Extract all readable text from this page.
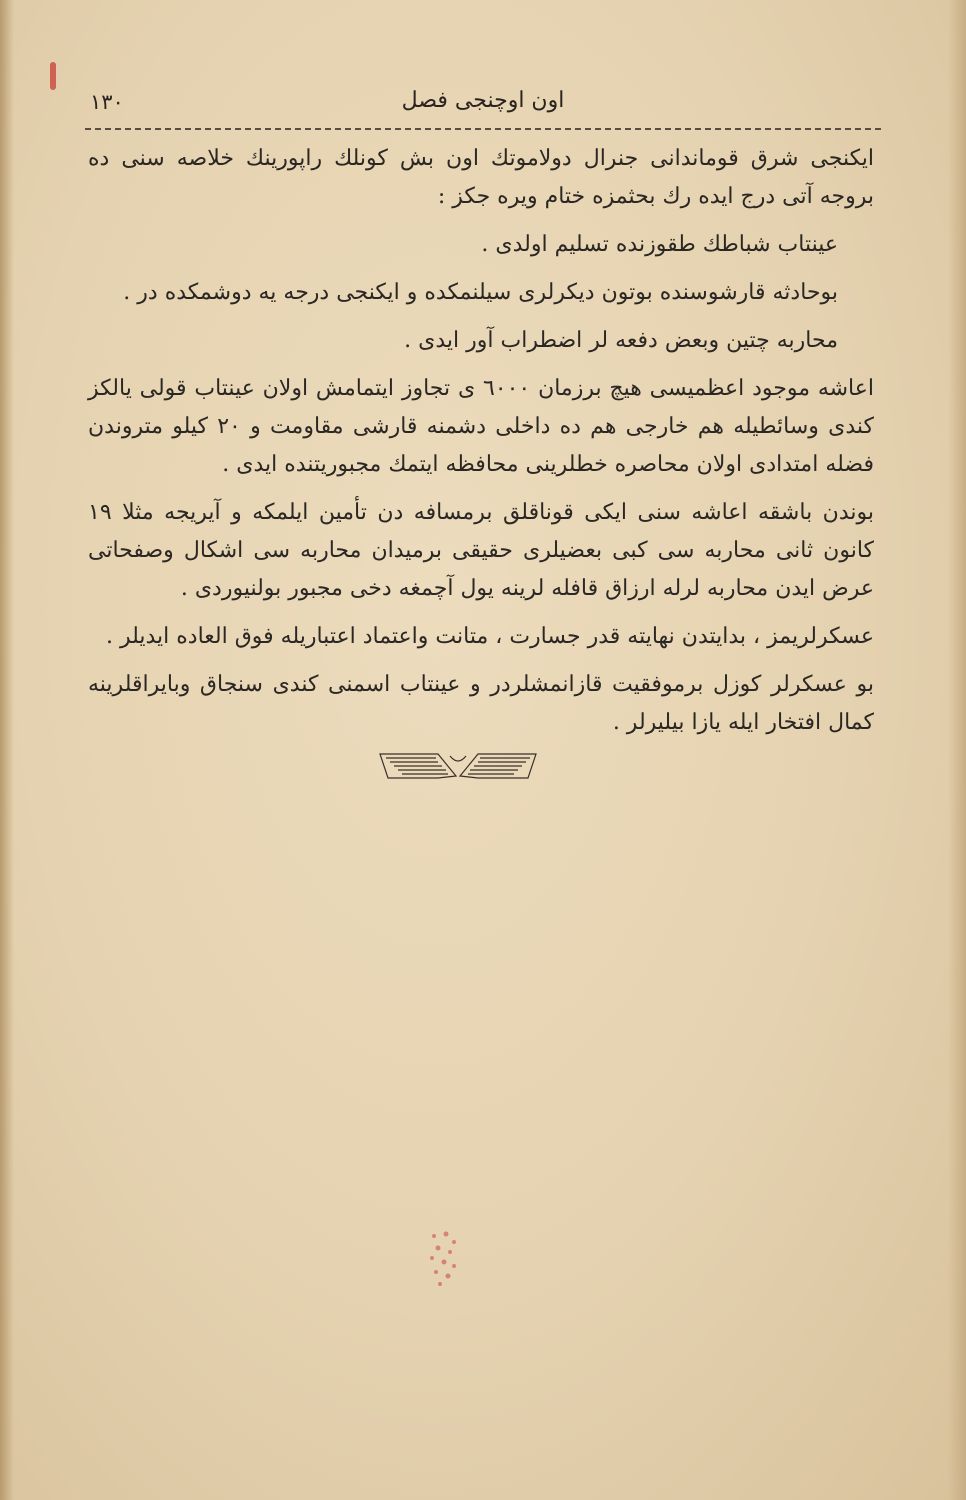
اون اوچنجی فصل
١٣٠

ایکنجی شرق قوماندانی جنرال دولاموتك اون بش کونلك راپورینك خلاصه سنی ده بروجه آتی درج ایده رك بحثمزه ختام ویره جکز :

عینتاب شباطك طقوزنده تسلیم اولدی .

بوحادثه قارشوسنده بوتون دیکرلری سیلنمکده و ایکنجی درجه یه دوشمکده در .

محاربه چتین وبعض دفعه لر اضطراب آور ایدی .

اعاشه موجود اعظمیسی هیچ برزمان ٦٠٠٠ ی تجاوز ایتمامش اولان عینتاب قولی یالکز کندی وسائطیله هم خارجی هم ده داخلی دشمنه قارشی مقاومت و ٢٠ کیلو متروندن فضله امتدادی اولان محاصره خطلرینی محافظه ایتمك مجبوریتنده ایدی .

بوندن باشقه اعاشه سنی ایکی قوناقلق برمسافه دن تأمین ایلمکه و آیریجه مثلا ١٩ کانون ثانی محاربه سی کبی بعضیلری حقیقی برمیدان محاربه سی اشکال وصفحاتی عرض ایدن محاربه لرله ارزاق قافله لرینه یول آچمغه دخی مجبور بولنیوردی .

عسکرلریمز ، بدایتدن نهایته قدر جسارت ، متانت واعتماد اعتباریله فوق العاده ایدیلر .

بو عسکرلر کوزل برموفقیت قازانمشلردر و عینتاب اسمنی کندی سنجاق وبایراقلرینه کمال افتخار ایله یازا بیلیرلر .
